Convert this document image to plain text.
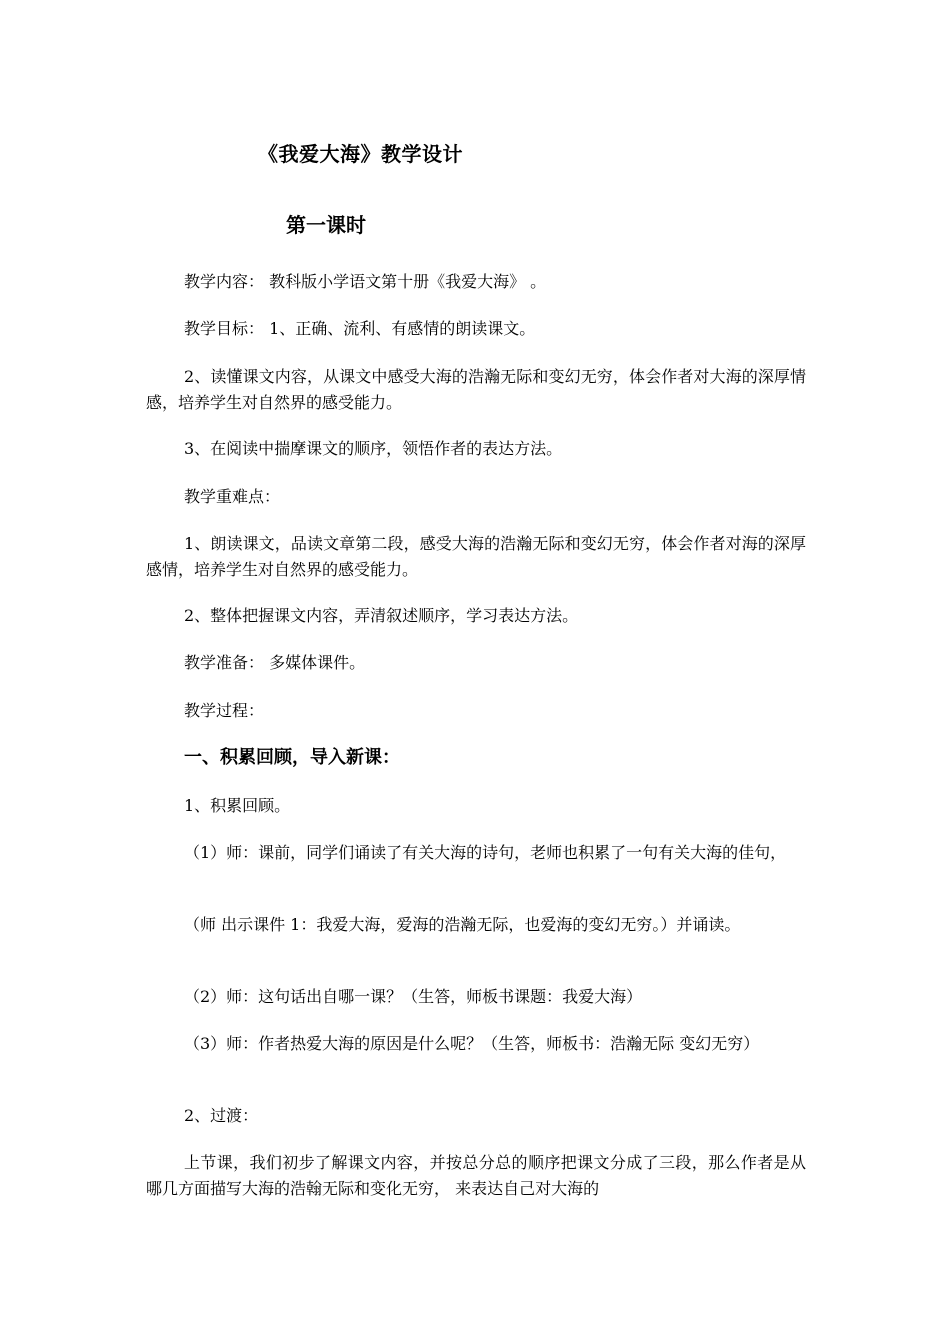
《我爱大海》教学设计
第一课时
教学内容： 教科版小学语文第十册《我爱大海》 。
教学目标： 1、正确、流利、有感情的朗读课文。
2、读懂课文内容，从课文中感受大海的浩瀚无际和变幻无穷，体会作者对大海的深厚情感，培养学生对自然界的感受能力。
3、在阅读中揣摩课文的顺序，领悟作者的表达方法。
教学重难点：
1、朗读课文，品读文章第二段，感受大海的浩瀚无际和变幻无穷，体会作者对海的深厚感情，培养学生对自然界的感受能力。
2、整体把握课文内容，弄清叙述顺序，学习表达方法。
教学准备： 多媒体课件。
教学过程：
一、积累回顾，导入新课：
1、积累回顾。
（1）师：课前，同学们诵读了有关大海的诗句，老师也积累了一句有关大海的佳句，
（师 出示课件 1：我爱大海，爱海的浩瀚无际，也爱海的变幻无穷。）并诵读。
（2）师：这句话出自哪一课？（生答，师板书课题：我爱大海）
（3）师：作者热爱大海的原因是什么呢？（生答，师板书：浩瀚无际 变幻无穷）
2、过渡：
上节课，我们初步了解课文内容，并按总分总的顺序把课文分成了三段，那么作者是从哪几方面描写大海的浩翰无际和变化无穷， 来表达自己对大海的
